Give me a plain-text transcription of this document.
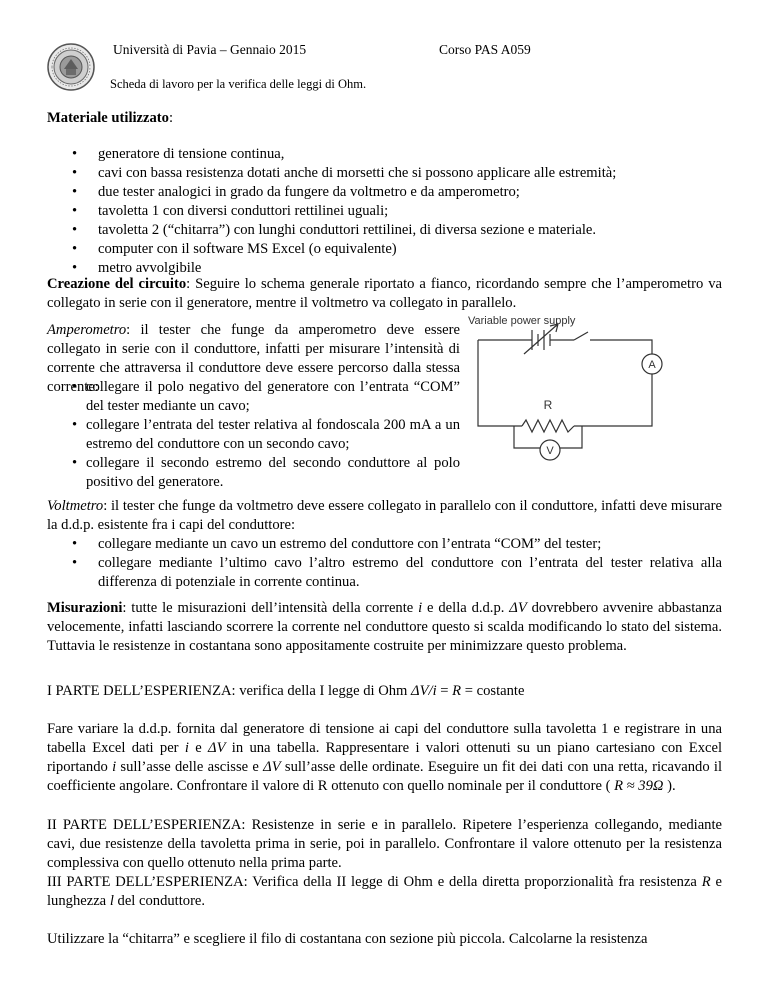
Università di Pavia – Gennaio 2015	Corso PAS A059
Scheda di lavoro per la verifica delle leggi di Ohm.

Materiale utilizzato:

• generatore di tensione continua,
• cavi con bassa resistenza dotati anche di morsetti che si possono applicare alle estremità;
• due tester analogici in grado da fungere da voltmetro e da amperometro;
• tavoletta 1 con diversi conduttori rettilinei uguali;
• tavoletta 2 (“chitarra”) con lunghi conduttori rettilinei, di diversa sezione e materiale.
• computer con il software MS Excel (o equivalente)
• metro avvolgibile

Creazione del circuito: Seguire lo schema generale riportato a fianco, ricordando sempre che l’amperometro va collegato in serie con il generatore, mentre il voltmetro va collegato in parallelo.

Variable power supply
A
R
V

Amperometro: il tester che funge da amperometro deve essere collegato in serie con il conduttore, infatti per misurare l’intensità di corrente che attraversa il conduttore deve essere percorso dalla stessa corrente:

• collegare il polo negativo del generatore con l’entrata “COM” del tester mediante un cavo;
• collegare l’entrata del tester relativa al fondoscala 200 mA a un estremo del conduttore con un secondo cavo;
• collegare il secondo estremo del secondo conduttore al polo positivo del generatore.

Voltmetro: il tester che funge da voltmetro deve essere collegato in parallelo con il conduttore, infatti deve misurare la d.d.p. esistente fra i capi del conduttore:

• collegare mediante un cavo un estremo del conduttore con l’entrata “COM” del tester;
• collegare mediante l’ultimo cavo l’altro estremo del conduttore con l’entrata del tester relativa alla differenza di potenziale in corrente continua.

Misurazioni: tutte le misurazioni dell’intensità della corrente i e della d.d.p. ΔV dovrebbero avvenire abbastanza velocemente, infatti lasciando scorrere la corrente nel conduttore questo si scalda modificando lo stato del sistema. Tuttavia le resistenze in costantana sono appositamente costruite per minimizzare questo problema.

I PARTE DELL’ESPERIENZA: verifica della I legge di Ohm ΔV/i = R = costante

Fare variare la d.d.p. fornita dal generatore di tensione ai capi del conduttore sulla tavoletta 1 e registrare in una tabella Excel dati per i e ΔV in una tabella. Rappresentare i valori ottenuti su un piano cartesiano con Excel riportando i sull’asse delle ascisse e ΔV sull’asse delle ordinate. Eseguire un fit dei dati con una retta, ricavando il coefficiente angolare. Confrontare il valore di R ottenuto con quello nominale per il conduttore ( R ≈ 39Ω ).

II PARTE DELL’ESPERIENZA: Resistenze in serie e in parallelo. Ripetere l’esperienza collegando, mediante cavi, due resistenze della tavoletta prima in serie, poi in parallelo. Confrontare il valore ottenuto per la resistenza complessiva con quello ottenuto nella prima parte.

III PARTE DELL’ESPERIENZA: Verifica della II legge di Ohm e della diretta proporzionalità fra resistenza R e lunghezza l del conduttore.

Utilizzare la “chitarra” e scegliere il filo di costantana con sezione più piccola. Calcolarne la resistenza
